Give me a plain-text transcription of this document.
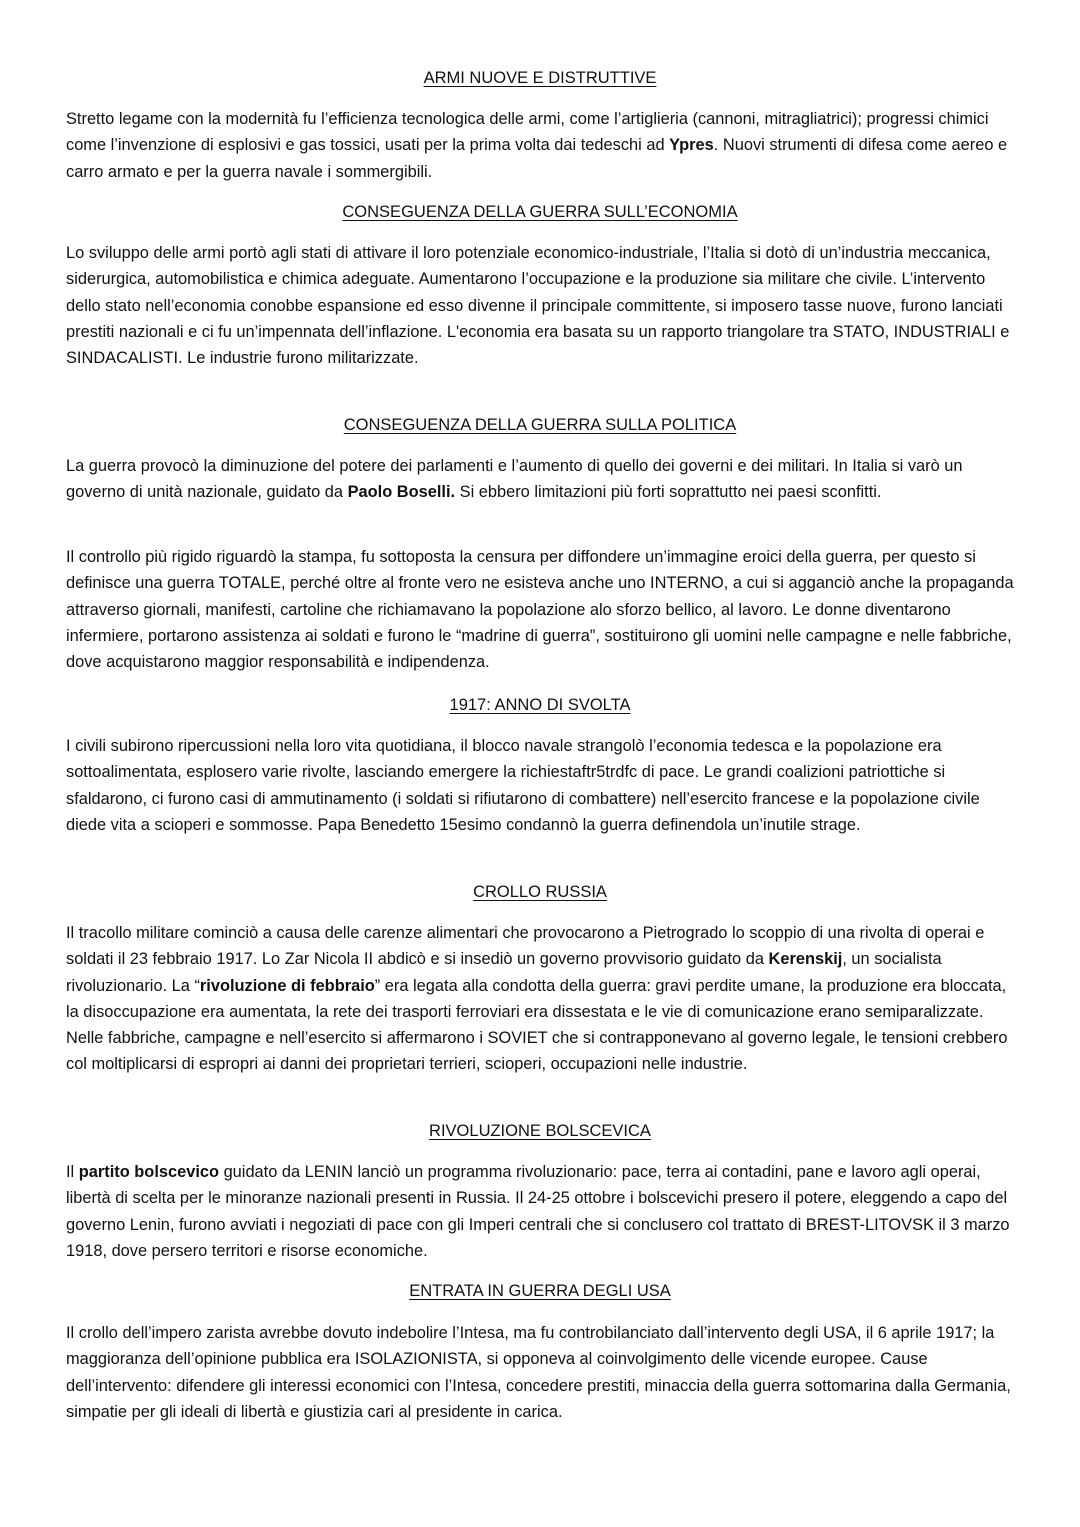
ARMI NUOVE E DISTRUTTIVE

Stretto legame con la modernità fu l’efficienza tecnologica delle armi, come l’artiglieria (cannoni, mitragliatrici); progressi chimici come l’invenzione di esplosivi e gas tossici, usati per la prima volta dai tedeschi ad Ypres. Nuovi strumenti di difesa come aereo e carro armato e per la guerra navale i sommergibili.

CONSEGUENZA DELLA GUERRA SULL’ECONOMIA

Lo sviluppo delle armi portò agli stati di attivare il loro potenziale economico-industriale, l’Italia si dotò di un’industria meccanica, siderurgica, automobilistica e chimica adeguate. Aumentarono l’occupazione e la produzione sia militare che civile. L’intervento dello stato nell’economia conobbe espansione ed esso divenne il principale committente, si imposero tasse nuove, furono lanciati prestiti nazionali e ci fu un’impennata dell’inflazione. L'economia era basata su un rapporto triangolare tra STATO, INDUSTRIALI e SINDACALISTI. Le industrie furono militarizzate.

CONSEGUENZA DELLA GUERRA SULLA POLITICA

La guerra provocò la diminuzione del potere dei parlamenti e l’aumento di quello dei governi e dei militari. In Italia si varò un governo di unità nazionale, guidato da Paolo Boselli. Si ebbero limitazioni più forti soprattutto nei paesi sconfitti.

Il controllo più rigido riguardò la stampa, fu sottoposta la censura per diffondere un’immagine eroici della guerra, per questo si definisce una guerra TOTALE, perché oltre al fronte vero ne esisteva anche uno INTERNO, a cui si agganciò anche la propaganda attraverso giornali, manifesti, cartoline che richiamavano la popolazione alo sforzo bellico, al lavoro. Le donne diventarono infermiere, portarono assistenza ai soldati e furono le “madrine di guerra”, sostituirono gli uomini nelle campagne e nelle fabbriche, dove acquistarono maggior responsabilità e indipendenza.

1917: ANNO DI SVOLTA

I civili subirono ripercussioni nella loro vita quotidiana, il blocco navale strangolò l’economia tedesca e la popolazione era sottoalimentata, esplosero varie rivolte, lasciando emergere la richiestaftr5trdfc di pace. Le grandi coalizioni patriottiche si sfaldarono, ci furono casi di ammutinamento (i soldati si rifiutarono di combattere) nell’esercito francese e la popolazione civile diede vita a scioperi e sommosse. Papa Benedetto 15esimo condannò la guerra definendola un’inutile strage.

CROLLO RUSSIA

Il tracollo militare cominciò a causa delle carenze alimentari che provocarono a Pietrogrado lo scoppio di una rivolta di operai e soldati il 23 febbraio 1917. Lo Zar Nicola II abdicò e si insediò un governo provvisorio guidato da Kerenskij, un socialista rivoluzionario. La “rivoluzione di febbraio” era legata alla condotta della guerra: gravi perdite umane, la produzione era bloccata, la disoccupazione era aumentata, la rete dei trasporti ferroviari era dissestata e le vie di comunicazione erano semiparalizzate. Nelle fabbriche, campagne e nell’esercito si affermarono i SOVIET che si contrapponevano al governo legale, le tensioni crebbero col moltiplicarsi di espropri ai danni dei proprietari terrieri, scioperi, occupazioni nelle industrie.

RIVOLUZIONE BOLSCEVICA

Il partito bolscevico guidato da LENIN lanciò un programma rivoluzionario: pace, terra ai contadini, pane e lavoro agli operai, libertà di scelta per le minoranze nazionali presenti in Russia. Il 24-25 ottobre i bolscevichi presero il potere, eleggendo a capo del governo Lenin, furono avviati i negoziati di pace con gli Imperi centrali che si conclusero col trattato di BREST-LITOVSK il 3 marzo 1918, dove persero territori e risorse economiche.

ENTRATA IN GUERRA DEGLI USA

Il crollo dell’impero zarista avrebbe dovuto indebolire l’Intesa, ma fu controbilanciato dall’intervento degli USA, il 6 aprile 1917; la maggioranza dell’opinione pubblica era ISOLAZIONISTA, si opponeva al coinvolgimento delle vicende europee. Cause dell’intervento: difendere gli interessi economici con l’Intesa, concedere prestiti, minaccia della guerra sottomarina dalla Germania, simpatie per gli ideali di libertà e giustizia cari al presidente in carica.
